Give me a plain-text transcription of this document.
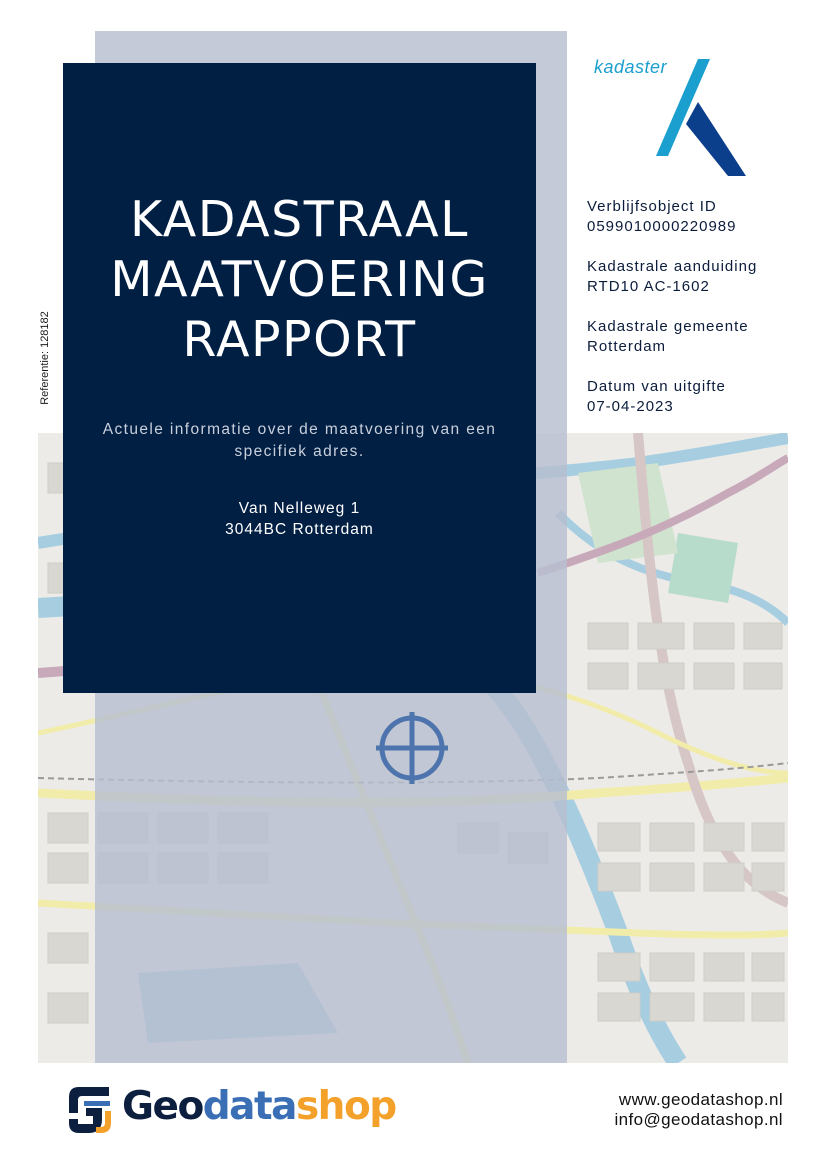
KADASTRAAL
MAATVOERING
RAPPORT

Actuele informatie over de maatvoering van een specifiek adres.

Van Nelleweg 1
3044BC Rotterdam
Referentie: 128182
kadaster
Verblijfsobject ID
0599010000220989
Kadastrale aanduiding
RTD10 AC-1602
Kadastrale gemeente
Rotterdam
Datum van uitgifte
07-04-2023
Geodatashop	www.geodatashop.nl
info@geodatashop.nl
